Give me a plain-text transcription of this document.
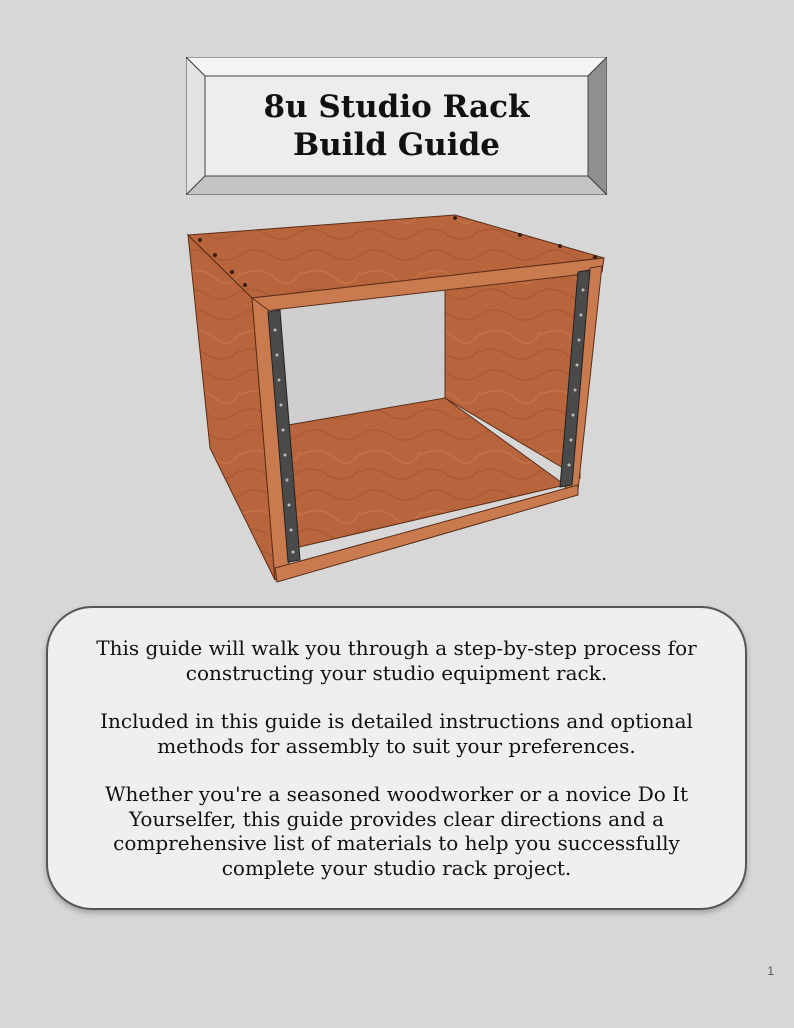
8u Studio Rack
Build Guide

This guide will walk you through a step-by-step process for constructing your studio equipment rack.

Included in this guide is detailed instructions and optional methods for assembly to suit your preferences.

Whether you're a seasoned woodworker or a novice Do It Yourselfer, this guide provides clear directions and a comprehensive list of materials to help you successfully complete your studio rack project.

1
